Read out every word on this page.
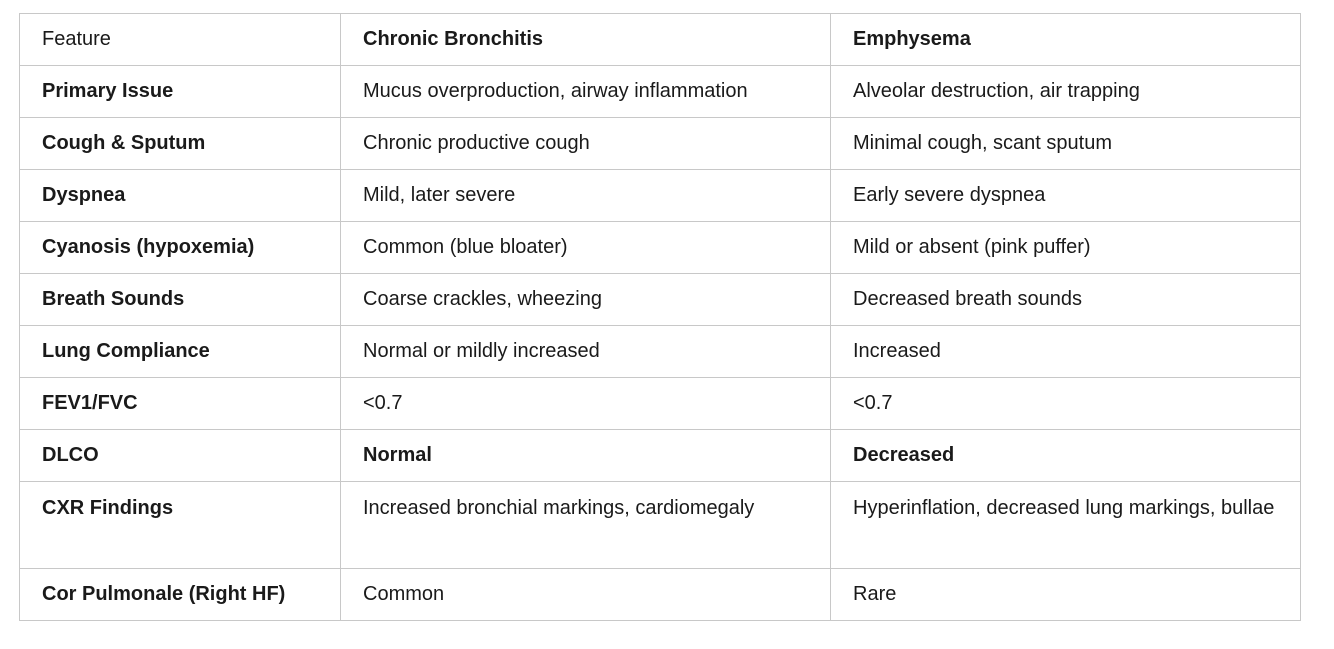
Feature	Chronic Bronchitis	Emphysema
Primary Issue	Mucus overproduction, airway inflammation	Alveolar destruction, air trapping
Cough & Sputum	Chronic productive cough	Minimal cough, scant sputum
Dyspnea	Mild, later severe	Early severe dyspnea
Cyanosis (hypoxemia)	Common (blue bloater)	Mild or absent (pink puffer)
Breath Sounds	Coarse crackles, wheezing	Decreased breath sounds
Lung Compliance	Normal or mildly increased	Increased
FEV1/FVC	<0.7	<0.7
DLCO	Normal	Decreased
CXR Findings	Increased bronchial markings, cardiomegaly	Hyperinflation, decreased lung markings, bullae
Cor Pulmonale (Right HF)	Common	Rare
